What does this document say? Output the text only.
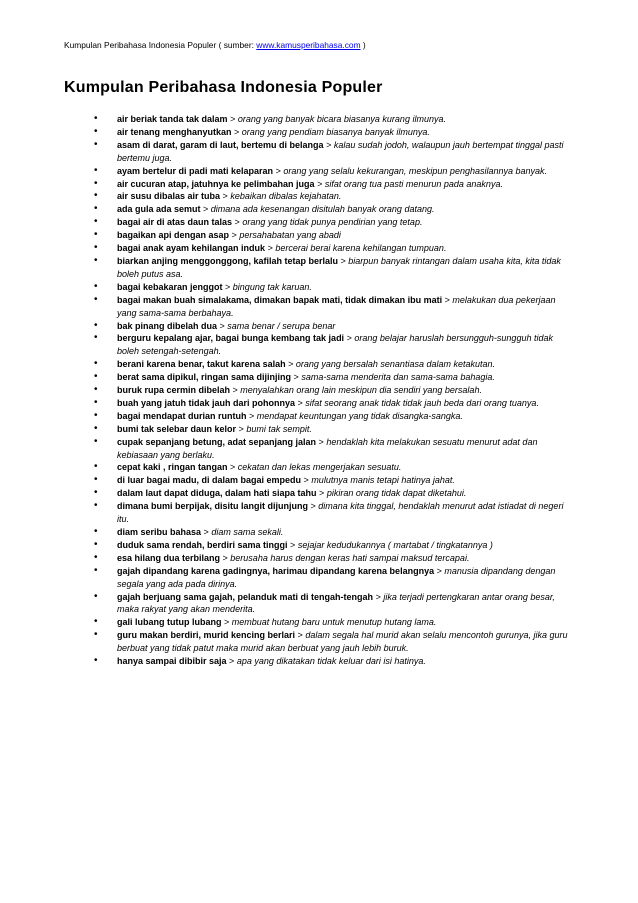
Kumpulan Peribahasa Indonesia Populer ( sumber: www.kamusperibahasa.com )
Kumpulan Peribahasa Indonesia Populer
• air beriak tanda tak dalam > orang yang banyak bicara biasanya kurang ilmunya.
• air tenang menghanyutkan > orang yang pendiam biasanya banyak ilmunya.
• asam di darat, garam di laut, bertemu di belanga > kalau sudah jodoh, walaupun jauh bertempat tinggal pasti bertemu juga.
• ayam bertelur di padi mati kelaparan > orang yang selalu kekurangan, meskipun penghasilannya banyak.
• air cucuran atap, jatuhnya ke pelimbahan juga > sifat orang tua pasti menurun pada anaknya.
• air susu dibalas air tuba > kebaikan dibalas kejahatan.
• ada gula ada semut > dimana ada kesenangan disitulah banyak orang datang.
• bagai air di atas daun talas > orang yang tidak punya pendirian yang tetap.
• bagaikan api dengan asap > persahabatan yang abadi
• bagai anak ayam kehilangan induk > bercerai berai karena kehilangan tumpuan.
• biarkan anjing menggonggong, kafilah tetap berlalu > biarpun banyak rintangan dalam usaha kita, kita tidak boleh putus asa.
• bagai kebakaran jenggot > bingung tak karuan.
• bagai makan buah simalakama, dimakan bapak mati, tidak dimakan ibu mati > melakukan dua pekerjaan yang sama-sama berbahaya.
• bak pinang dibelah dua > sama benar / serupa benar
• berguru kepalang ajar, bagai bunga kembang tak jadi > orang belajar haruslah bersungguh-sungguh tidak boleh setengah-setengah.
• berani karena benar, takut karena salah > orang yang bersalah senantiasa dalam ketakutan.
• berat sama dipikul, ringan sama dijinjing > sama-sama menderita dan sama-sama bahagia.
• buruk rupa cermin dibelah > menyalahkan orang lain meskipun dia sendiri yang bersalah.
• buah yang jatuh tidak jauh dari pohonnya > sifat seorang anak tidak tidak jauh beda dari orang tuanya.
• bagai mendapat durian runtuh > mendapat keuntungan yang tidak disangka-sangka.
• bumi tak selebar daun kelor > bumi tak sempit.
• cupak sepanjang betung, adat sepanjang jalan > hendaklah kita melakukan sesuatu menurut adat dan kebiasaan yang berlaku.
• cepat kaki , ringan tangan > cekatan dan lekas mengerjakan sesuatu.
• di luar bagai madu, di dalam bagai empedu > mulutnya manis tetapi hatinya jahat.
• dalam laut dapat diduga, dalam hati siapa tahu > pikiran orang tidak dapat diketahui.
• dimana bumi berpijak, disitu langit dijunjung > dimana kita tinggal, hendaklah menurut adat istiadat di negeri itu.
• diam seribu bahasa > diam sama sekali.
• duduk sama rendah, berdiri sama tinggi > sejajar kedudukannya ( martabat / tingkatannya )
• esa hilang dua terbilang > berusaha harus dengan keras hati sampai maksud tercapai.
• gajah dipandang karena gadingnya, harimau dipandang karena belangnya > manusia dipandang dengan segala yang ada pada dirinya.
• gajah berjuang sama gajah, pelanduk mati di tengah-tengah > jika terjadi pertengkaran antar orang besar, maka rakyat yang akan menderita.
• gali lubang tutup lubang > membuat hutang baru untuk menutup hutang lama.
• guru makan berdiri, murid kencing berlari > dalam segala hal murid akan selalu mencontoh gurunya, jika guru berbuat yang tidak patut maka murid akan berbuat yang jauh lebih buruk.
• hanya sampai dibibir saja > apa yang dikatakan tidak keluar dari isi hatinya.
